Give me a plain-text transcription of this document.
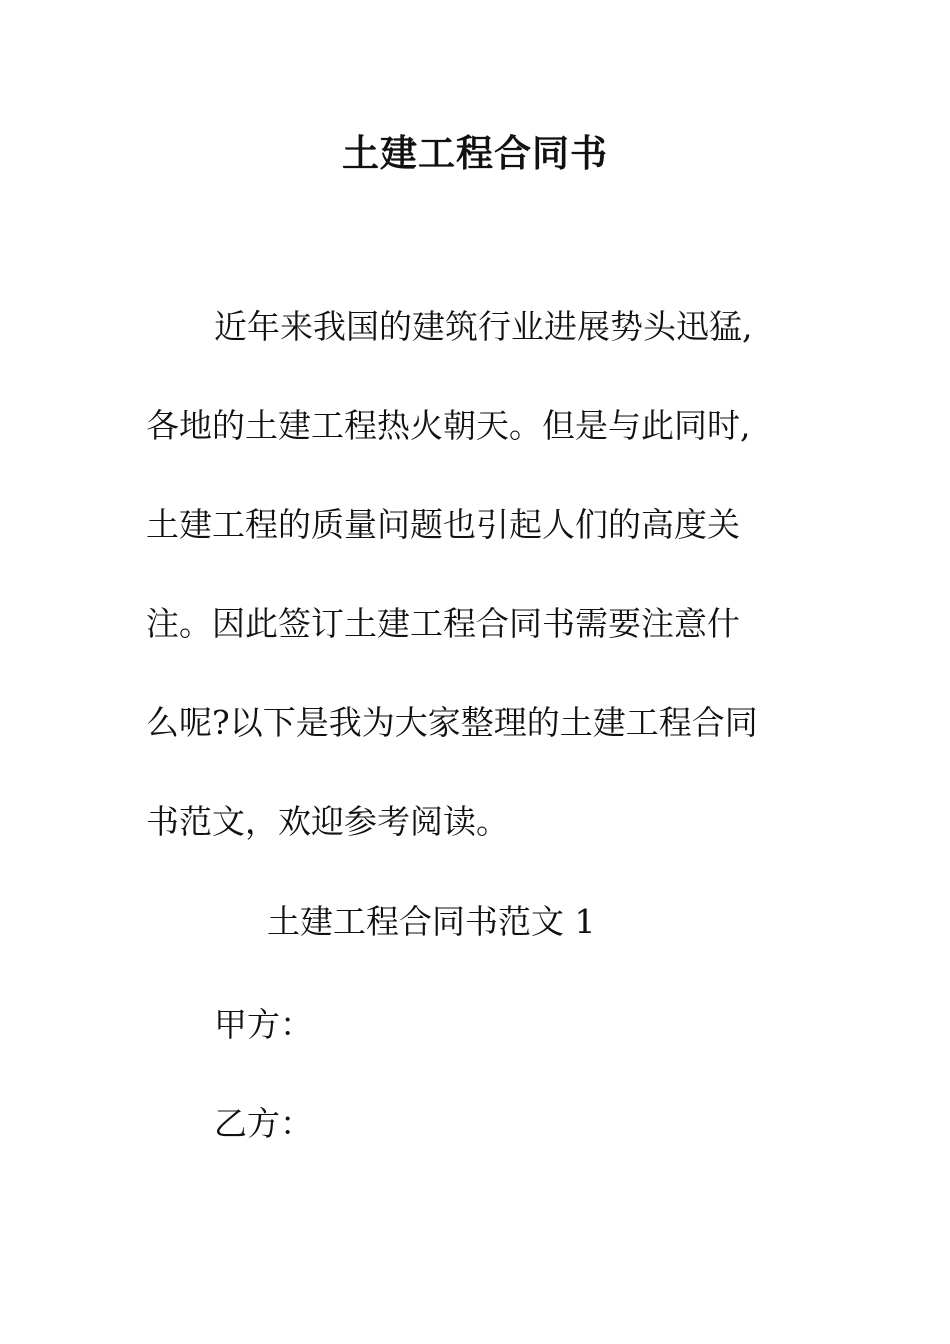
土建工程合同书
近年来我国的建筑行业进展势头迅猛,
各地的土建工程热火朝天。但是与此同时,
土建工程的质量问题也引起人们的高度关
注。因此签订土建工程合同书需要注意什
么呢?以下是我为大家整理的土建工程合同
书范文，欢迎参考阅读。
土建工程合同书范文 1
甲方：
乙方：
